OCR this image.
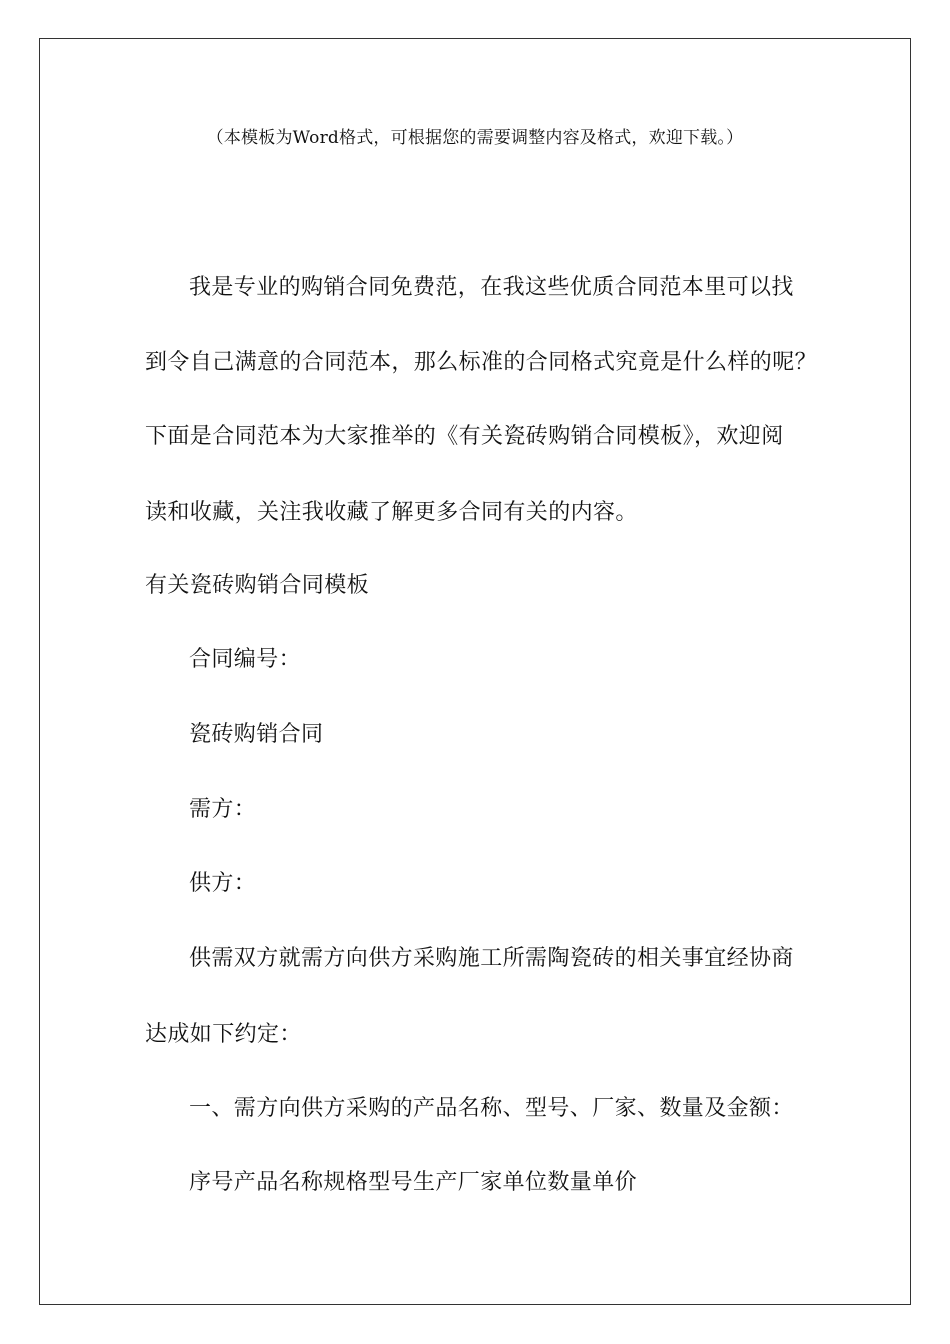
（本模板为Word格式，可根据您的需要调整内容及格式，欢迎下载。）
我是专业的购销合同免费范，在我这些优质合同范本里可以找
到令自己满意的合同范本，那么标准的合同格式究竟是什么样的呢？
下面是合同范本为大家推举的《有关瓷砖购销合同模板》，欢迎阅
读和收藏，关注我收藏了解更多合同有关的内容。
有关瓷砖购销合同模板
合同编号：
瓷砖购销合同
需方：
供方：
供需双方就需方向供方采购施工所需陶瓷砖的相关事宜经协商
达成如下约定：
一、需方向供方采购的产品名称、型号、厂家、数量及金额：
序号产品名称规格型号生产厂家单位数量单价
